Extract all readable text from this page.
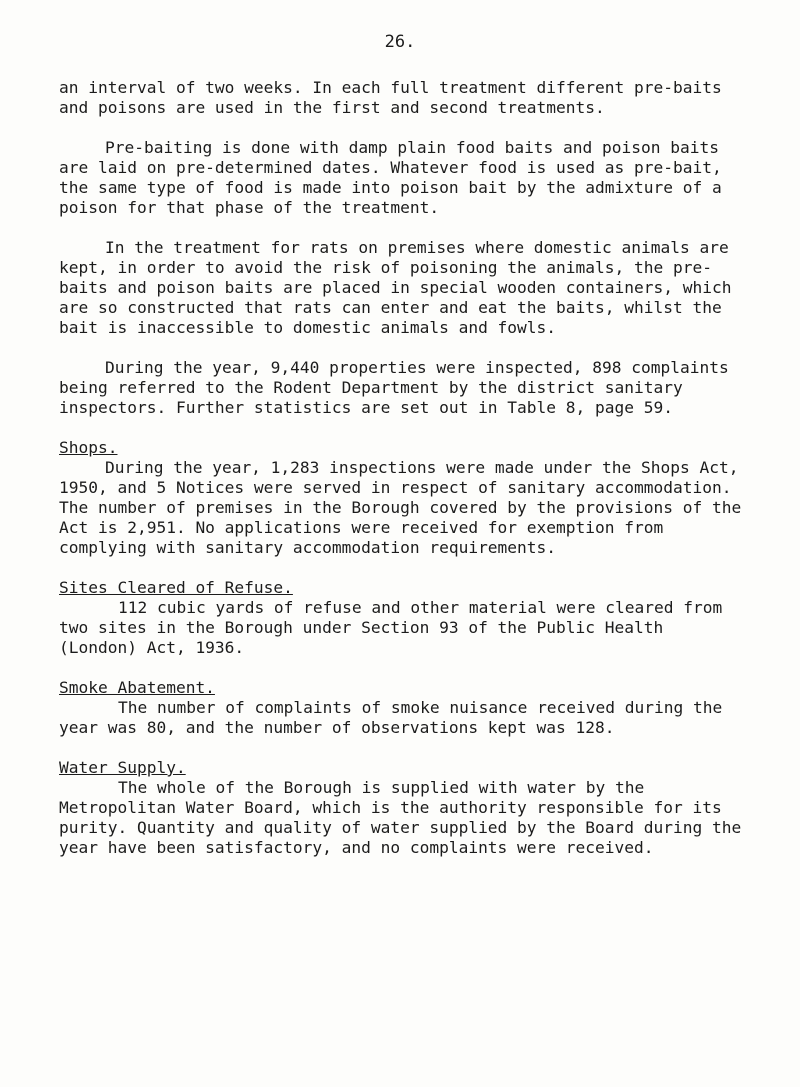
26.

an interval of two weeks. In each full treatment different pre-baits and poisons are used in the first and second treatments.

Pre-baiting is done with damp plain food baits and poison baits are laid on pre-determined dates. Whatever food is used as pre-bait, the same type of food is made into poison bait by the admixture of a poison for that phase of the treatment.

In the treatment for rats on premises where domestic animals are kept, in order to avoid the risk of poisoning the animals, the pre-baits and poison baits are placed in special wooden containers, which are so constructed that rats can enter and eat the baits, whilst the bait is inaccessible to domestic animals and fowls.

During the year, 9,440 properties were inspected, 898 complaints being referred to the Rodent Department by the district sanitary inspectors. Further statistics are set out in Table 8, page 59.

Shops.

During the year, 1,283 inspections were made under the Shops Act, 1950, and 5 Notices were served in respect of sanitary accommodation. The number of premises in the Borough covered by the provisions of the Act is 2,951. No applications were received for exemption from complying with sanitary accommodation requirements.

Sites Cleared of Refuse.

112 cubic yards of refuse and other material were cleared from two sites in the Borough under Section 93 of the Public Health (London) Act, 1936.

Smoke Abatement.

The number of complaints of smoke nuisance received during the year was 80, and the number of observations kept was 128.

Water Supply.

The whole of the Borough is supplied with water by the Metropolitan Water Board, which is the authority responsible for its purity. Quantity and quality of water supplied by the Board during the year have been satisfactory, and no complaints were received.
